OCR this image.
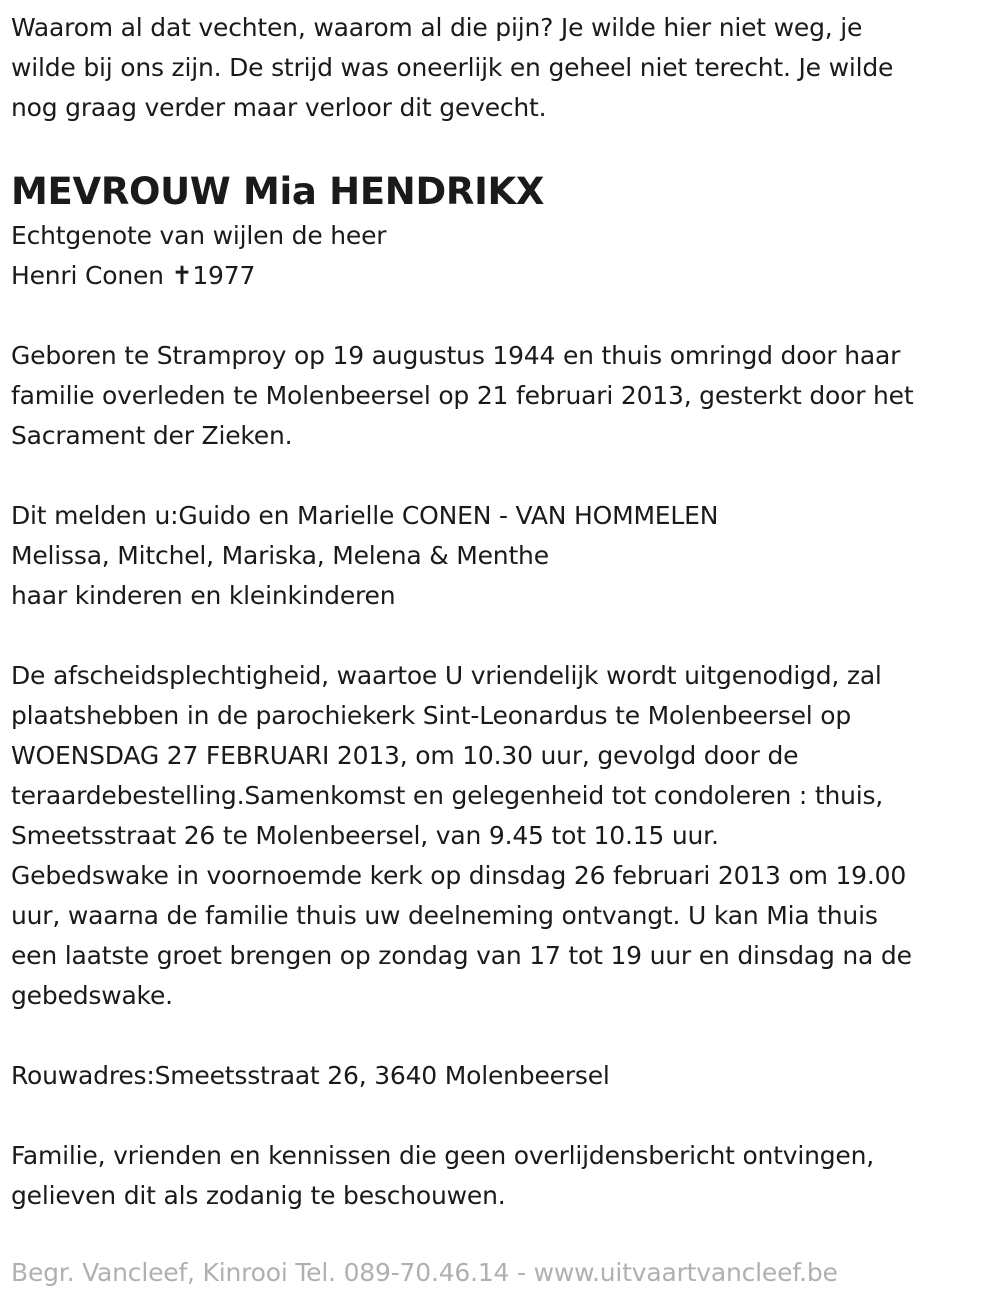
Waarom al dat vechten, waarom al die pijn? Je wilde hier niet weg, je
wilde bij ons zijn. De strijd was oneerlijk en geheel niet terecht. Je wilde
nog graag verder maar verloor dit gevecht.
MEVROUW Mia HENDRIKX
Echtgenote van wijlen de heer
Henri Conen ✝1977
Geboren te Stramproy op 19 augustus 1944 en thuis omringd door haar
familie overleden te Molenbeersel op 21 februari 2013, gesterkt door het
Sacrament der Zieken.
Dit melden u:Guido en Marielle CONEN - VAN HOMMELEN
Melissa, Mitchel, Mariska, Melena & Menthe
haar kinderen en kleinkinderen
De afscheidsplechtigheid, waartoe U vriendelijk wordt uitgenodigd, zal
plaatshebben in de parochiekerk Sint-Leonardus te Molenbeersel op
WOENSDAG 27 FEBRUARI 2013, om 10.30 uur, gevolgd door de
teraardebestelling.Samenkomst en gelegenheid tot condoleren : thuis,
Smeetsstraat 26 te Molenbeersel, van 9.45 tot 10.15 uur.
Gebedswake in voornoemde kerk op dinsdag 26 februari 2013 om 19.00
uur, waarna de familie thuis uw deelneming ontvangt. U kan Mia thuis
een laatste groet brengen op zondag van 17 tot 19 uur en dinsdag na de
gebedswake.
Rouwadres:Smeetsstraat 26, 3640 Molenbeersel
Familie, vrienden en kennissen die geen overlijdensbericht ontvingen,
gelieven dit als zodanig te beschouwen.
Begr. Vancleef, Kinrooi Tel. 089-70.46.14 - www.uitvaartvancleef.be
